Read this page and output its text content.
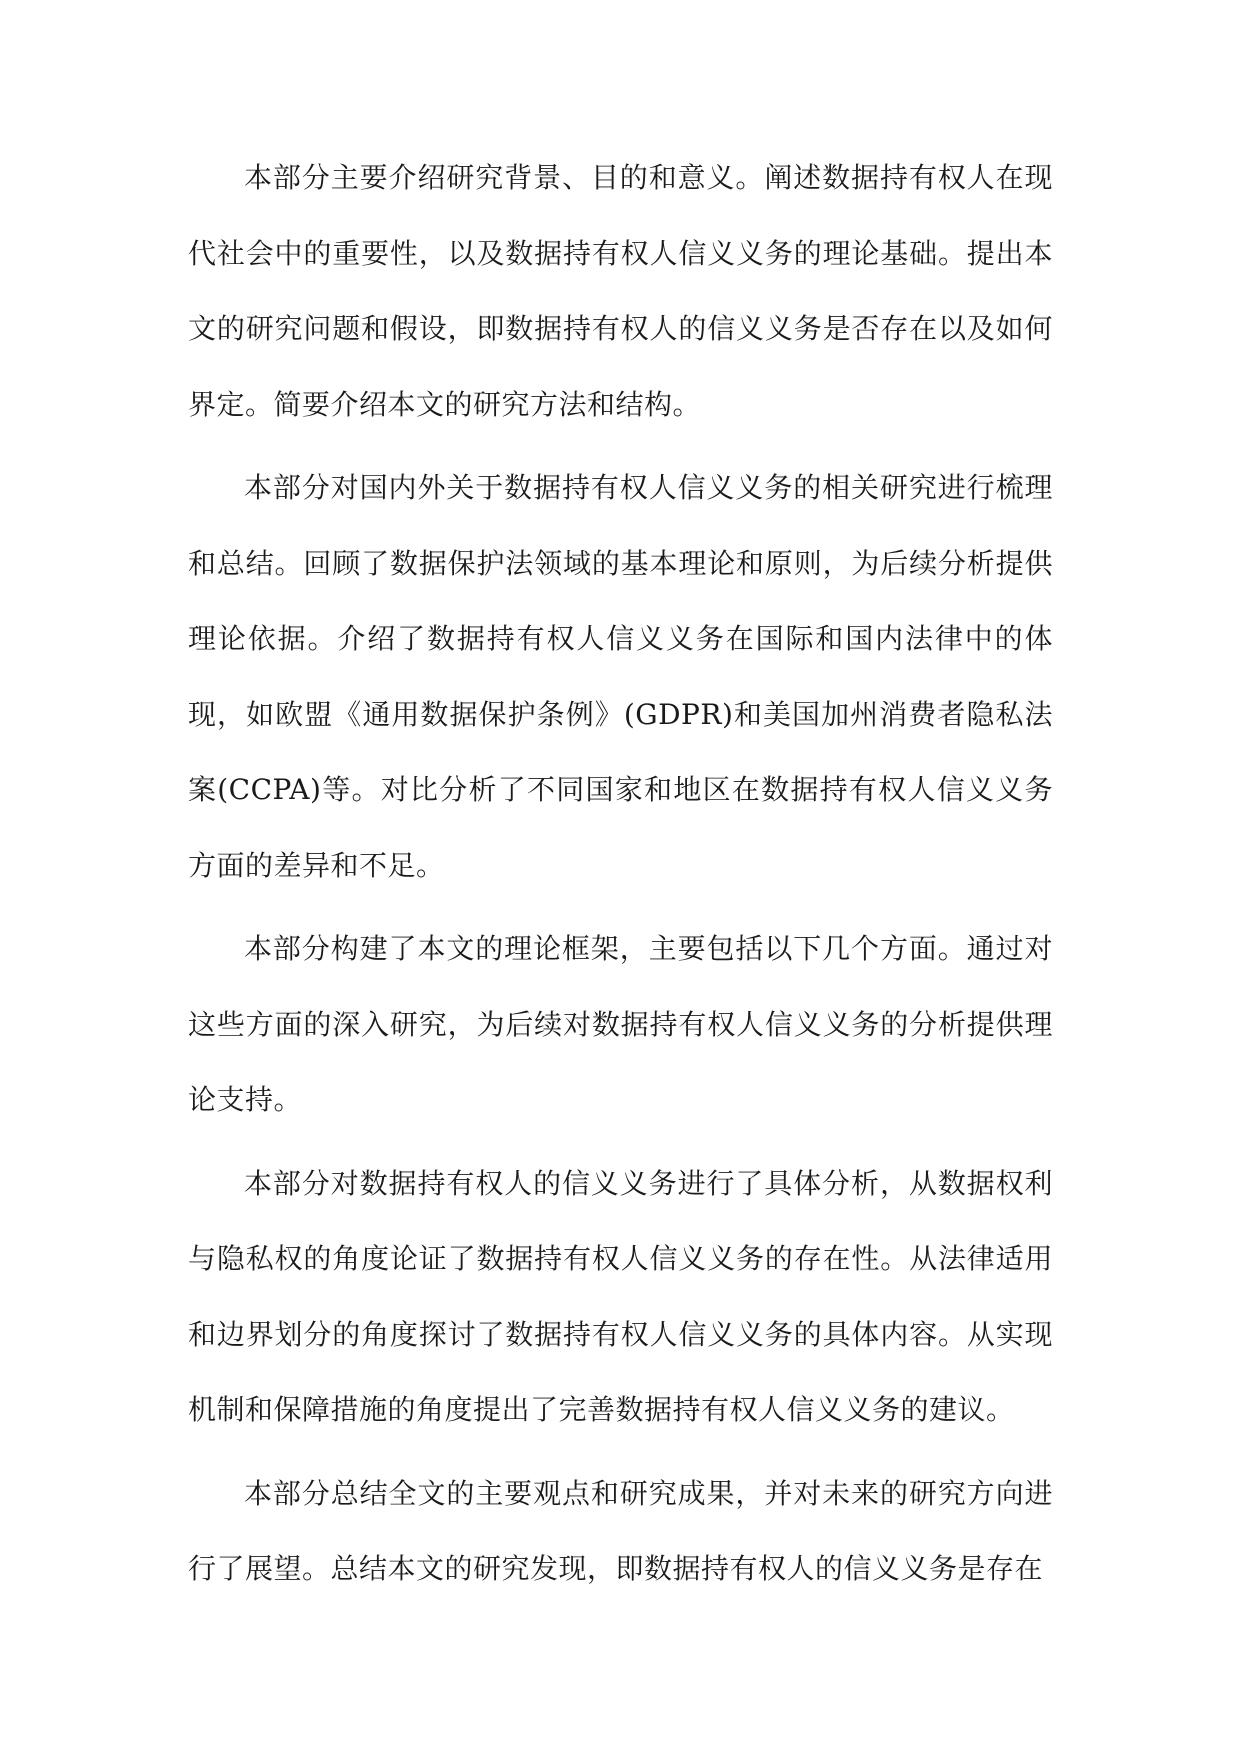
本部分主要介绍研究背景、目的和意义。阐述数据持有权人在现代社会中的重要性，以及数据持有权人信义义务的理论基础。提出本文的研究问题和假设，即数据持有权人的信义义务是否存在以及如何界定。简要介绍本文的研究方法和结构。

本部分对国内外关于数据持有权人信义义务的相关研究进行梳理和总结。回顾了数据保护法领域的基本理论和原则，为后续分析提供理论依据。介绍了数据持有权人信义义务在国际和国内法律中的体现，如欧盟《通用数据保护条例》(GDPR)和美国加州消费者隐私法案(CCPA)等。对比分析了不同国家和地区在数据持有权人信义义务方面的差异和不足。

本部分构建了本文的理论框架，主要包括以下几个方面。通过对这些方面的深入研究，为后续对数据持有权人信义义务的分析提供理论支持。

本部分对数据持有权人的信义义务进行了具体分析，从数据权利与隐私权的角度论证了数据持有权人信义义务的存在性。从法律适用和边界划分的角度探讨了数据持有权人信义义务的具体内容。从实现机制和保障措施的角度提出了完善数据持有权人信义义务的建议。

本部分总结全文的主要观点和研究成果，并对未来的研究方向进行了展望。总结本文的研究发现，即数据持有权人的信义义务是存在
